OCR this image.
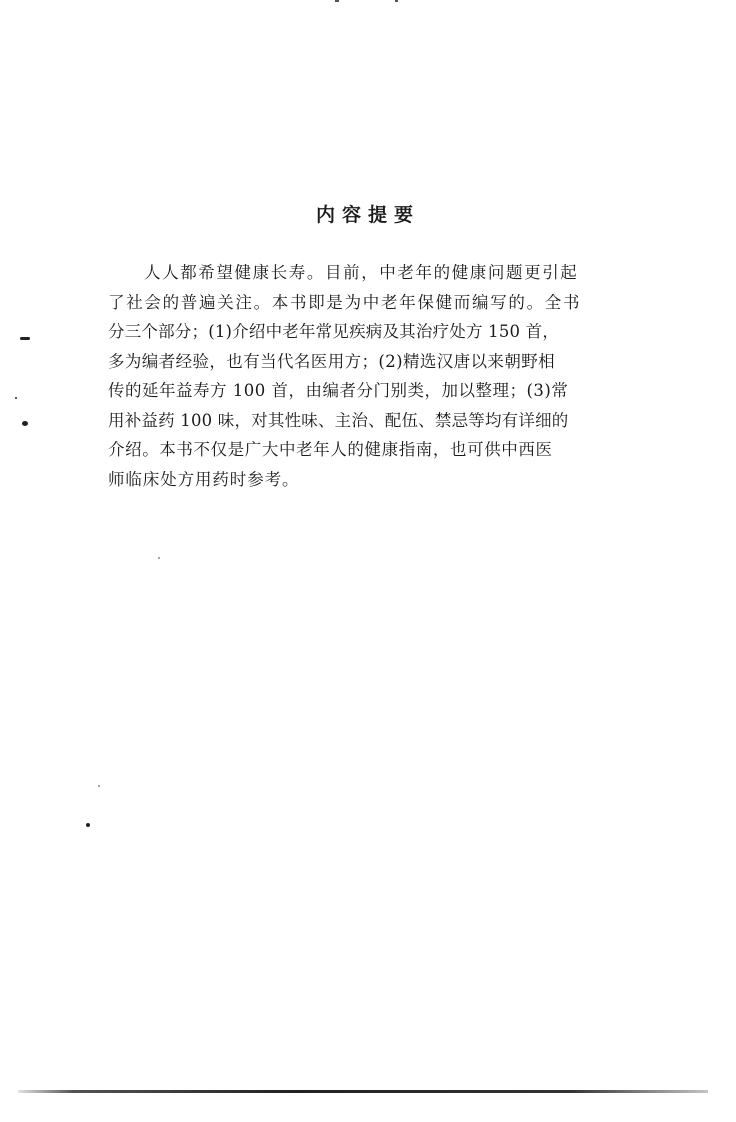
内容提要
人人都希望健康长寿。目前，中老年的健康问题更引起
了社会的普遍关注。本书即是为中老年保健而编写的。全书
分三个部分；(1)介绍中老年常见疾病及其治疗处方 150 首，
多为编者经验，也有当代名医用方；(2)精选汉唐以来朝野相
传的延年益寿方 100 首，由编者分门别类，加以整理；(3)常
用补益药 100 味，对其性味、主治、配伍、禁忌等均有详细的
介绍。本书不仅是广大中老年人的健康指南，也可供中西医
师临床处方用药时参考。
